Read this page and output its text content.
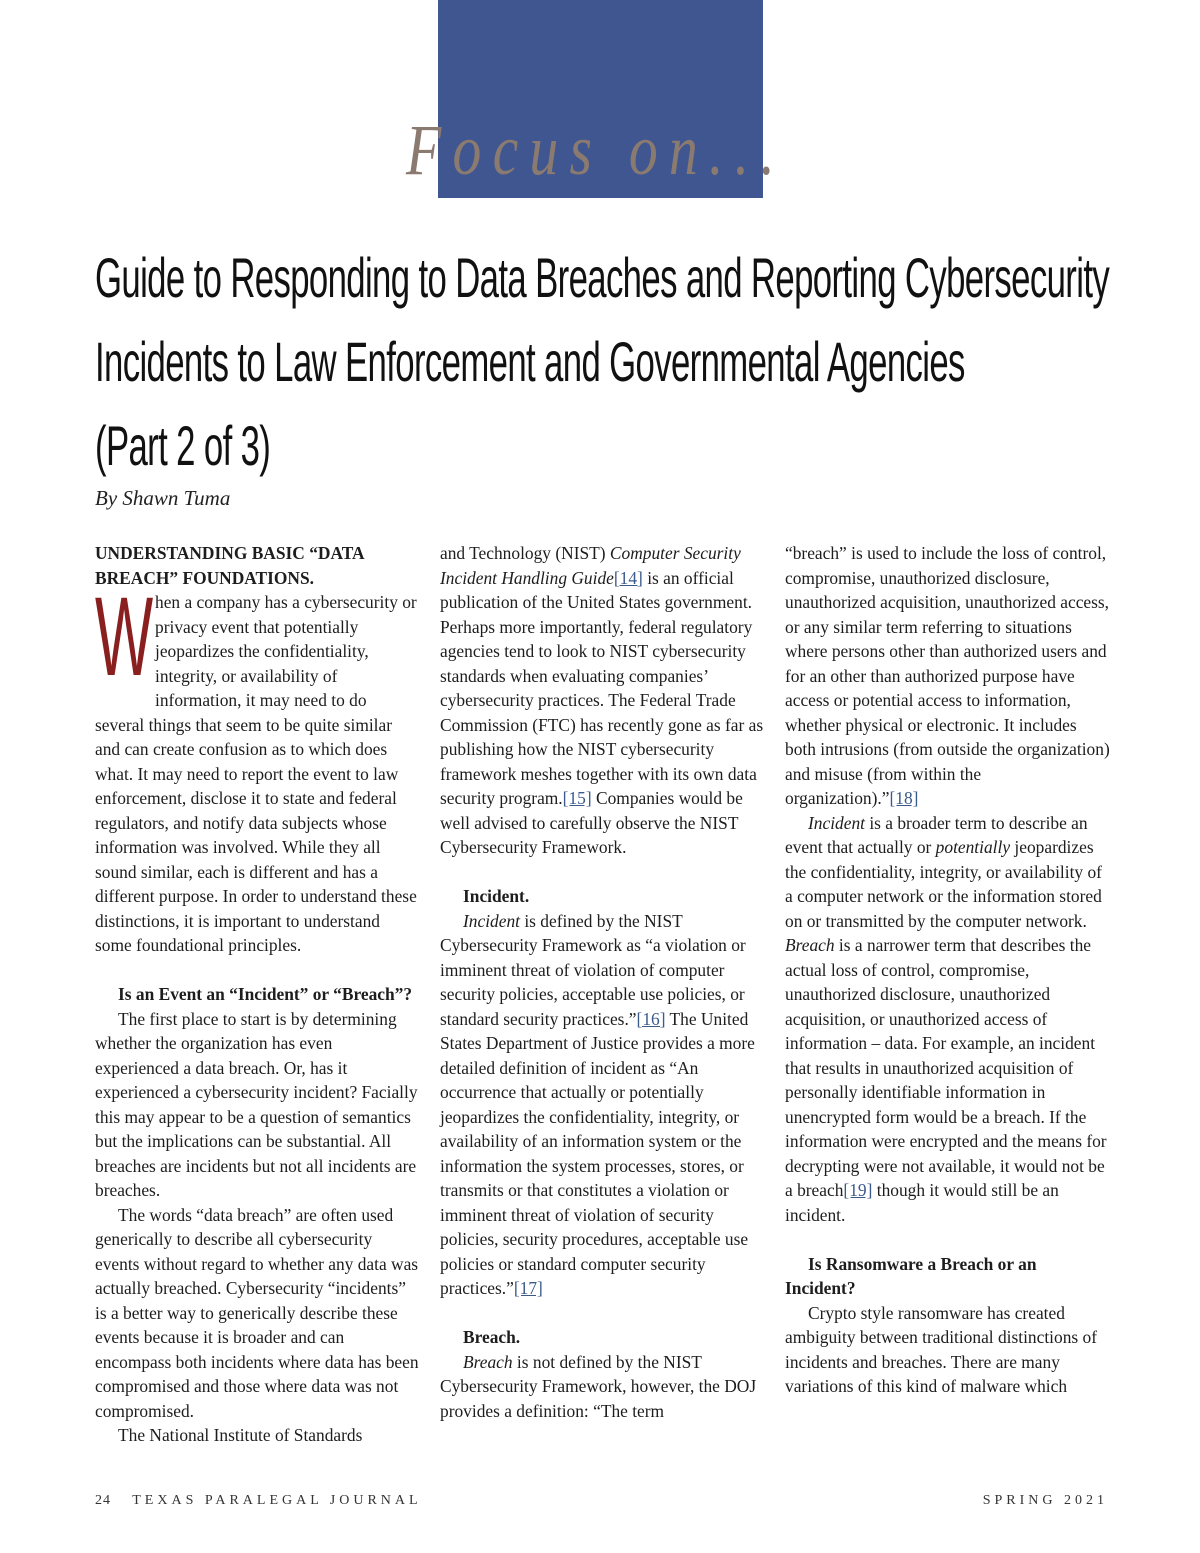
Focus on...
Guide to Responding to Data Breaches and Reporting Cybersecurity
Incidents to Law Enforcement and Governmental Agencies
(Part 2 of 3)
By Shawn Tuma

UNDERSTANDING BASIC “DATA BREACH” FOUNDATIONS.

When a company has a cybersecurity or privacy event that potentially jeopardizes the confidentiality, integrity, or availability of information, it may need to do several things that seem to be quite similar and can create confusion as to which does what. It may need to report the event to law enforcement, disclose it to state and federal regulators, and notify data subjects whose information was involved. While they all sound similar, each is different and has a different purpose. In order to understand these distinctions, it is important to understand some foundational principles.

Is an Event an “Incident” or “Breach”?

The first place to start is by determining whether the organization has even experienced a data breach. Or, has it experienced a cybersecurity incident? Facially this may appear to be a question of semantics but the implications can be substantial. All breaches are incidents but not all incidents are breaches.

The words “data breach” are often used generically to describe all cybersecurity events without regard to whether any data was actually breached. Cybersecurity “incidents” is a better way to generically describe these events because it is broader and can encompass both incidents where data has been compromised and those where data was not compromised.

The National Institute of Standards

and Technology (NIST) Computer Security Incident Handling Guide[14] is an official publication of the United States government. Perhaps more importantly, federal regulatory agencies tend to look to NIST cybersecurity standards when evaluating companies’ cybersecurity practices. The Federal Trade Commission (FTC) has recently gone as far as publishing how the NIST cybersecurity framework meshes together with its own data security program.[15] Companies would be well advised to carefully observe the NIST Cybersecurity Framework.

Incident.

Incident is defined by the NIST Cybersecurity Framework as “a violation or imminent threat of violation of computer security policies, acceptable use policies, or standard security practices.”[16] The United States Department of Justice provides a more detailed definition of incident as “An occurrence that actually or potentially jeopardizes the confidentiality, integrity, or availability of an information system or the information the system processes, stores, or transmits or that constitutes a violation or imminent threat of violation of security policies, security procedures, acceptable use policies or standard computer security practices.”[17]

Breach.

Breach is not defined by the NIST Cybersecurity Framework, however, the DOJ provides a definition: “The term

“breach” is used to include the loss of control, compromise, unauthorized disclosure, unauthorized acquisition, unauthorized access, or any similar term referring to situations where persons other than authorized users and for an other than authorized purpose have access or potential access to information, whether physical or electronic. It includes both intrusions (from outside the organization) and misuse (from within the organization).”[18]

Incident is a broader term to describe an event that actually or potentially jeopardizes the confidentiality, integrity, or availability of a computer network or the information stored on or transmitted by the computer network. Breach is a narrower term that describes the actual loss of control, compromise, unauthorized disclosure, unauthorized acquisition, or unauthorized access of information – data. For example, an incident that results in unauthorized acquisition of personally identifiable information in unencrypted form would be a breach. If the information were encrypted and the means for decrypting were not available, it would not be a breach[19] though it would still be an incident.

Is Ransomware a Breach or an Incident?

Crypto style ransomware has created ambiguity between traditional distinctions of incidents and breaches. There are many variations of this kind of malware which

24 TEXAS PARALEGAL JOURNAL	SPRING 2021
